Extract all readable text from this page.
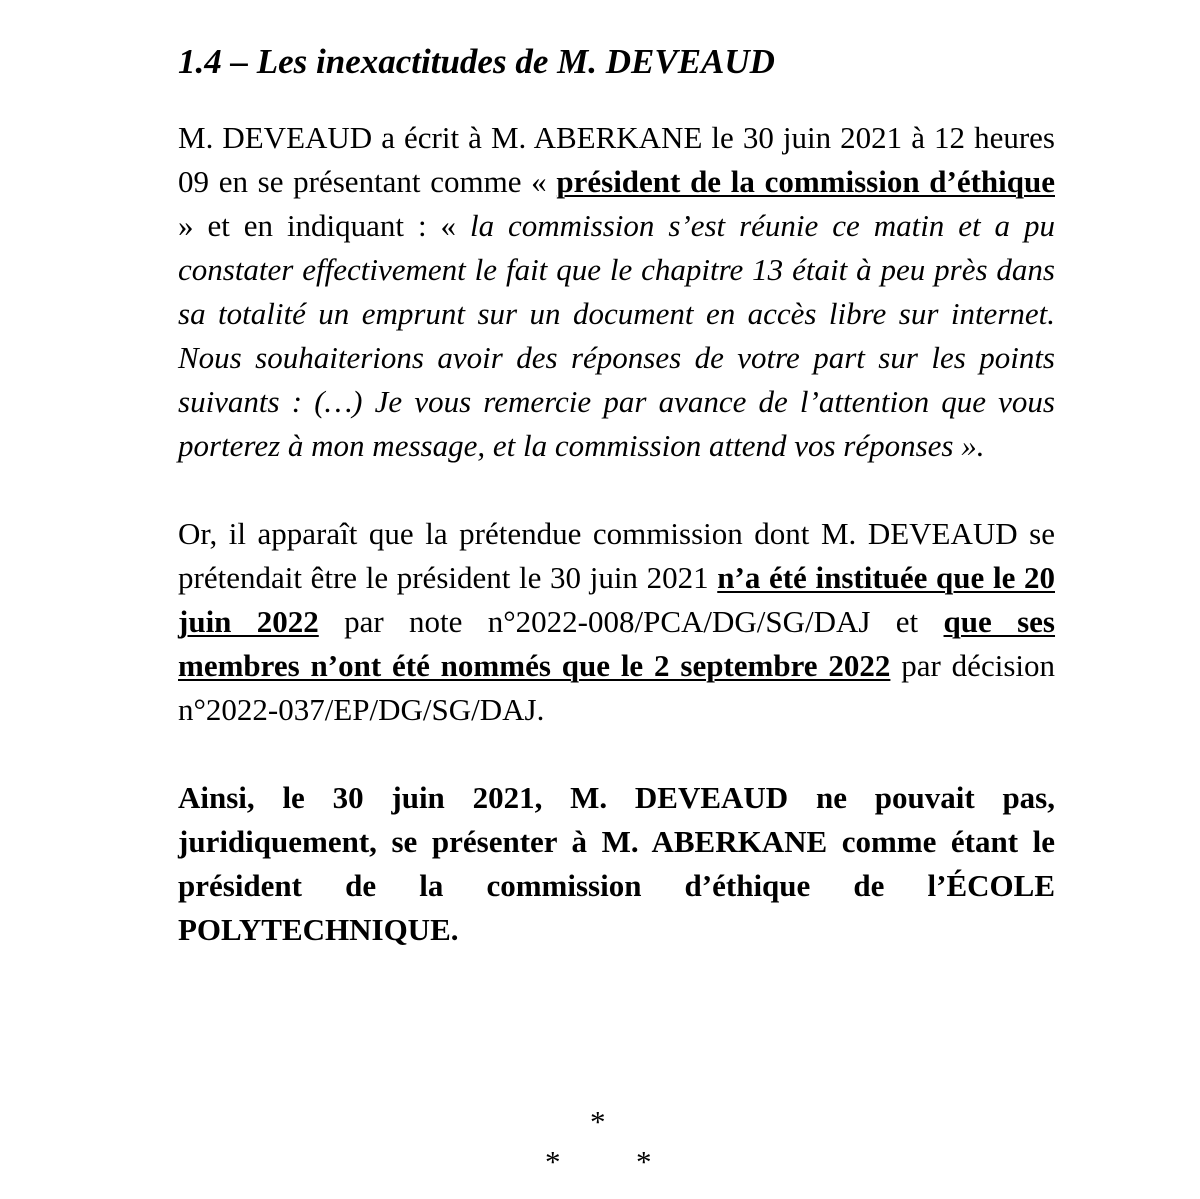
1.4 – Les inexactitudes de M. DEVEAUD

M. DEVEAUD a écrit à M. ABERKANE le 30 juin 2021 à 12 heures 09 en se présentant comme « président de la commission d’éthique » et en indiquant : « la commission s’est réunie ce matin et a pu constater effectivement le fait que le chapitre 13 était à peu près dans sa totalité un emprunt sur un document en accès libre sur internet. Nous souhaiterions avoir des réponses de votre part sur les points suivants : (…) Je vous remercie par avance de l’attention que vous porterez à mon message, et la commission attend vos réponses ».

Or, il apparaît que la prétendue commission dont M. DEVEAUD se prétendait être le président le 30 juin 2021 n’a été instituée que le 20 juin 2022 par note n°2022-008/PCA/DG/SG/DAJ et que ses membres n’ont été nommés que le 2 septembre 2022 par décision n°2022-037/EP/DG/SG/DAJ.

Ainsi, le 30 juin 2021, M. DEVEAUD ne pouvait pas, juridiquement, se présenter à M. ABERKANE comme étant le président de la commission d’éthique de l’ÉCOLE POLYTECHNIQUE.

*
* *
